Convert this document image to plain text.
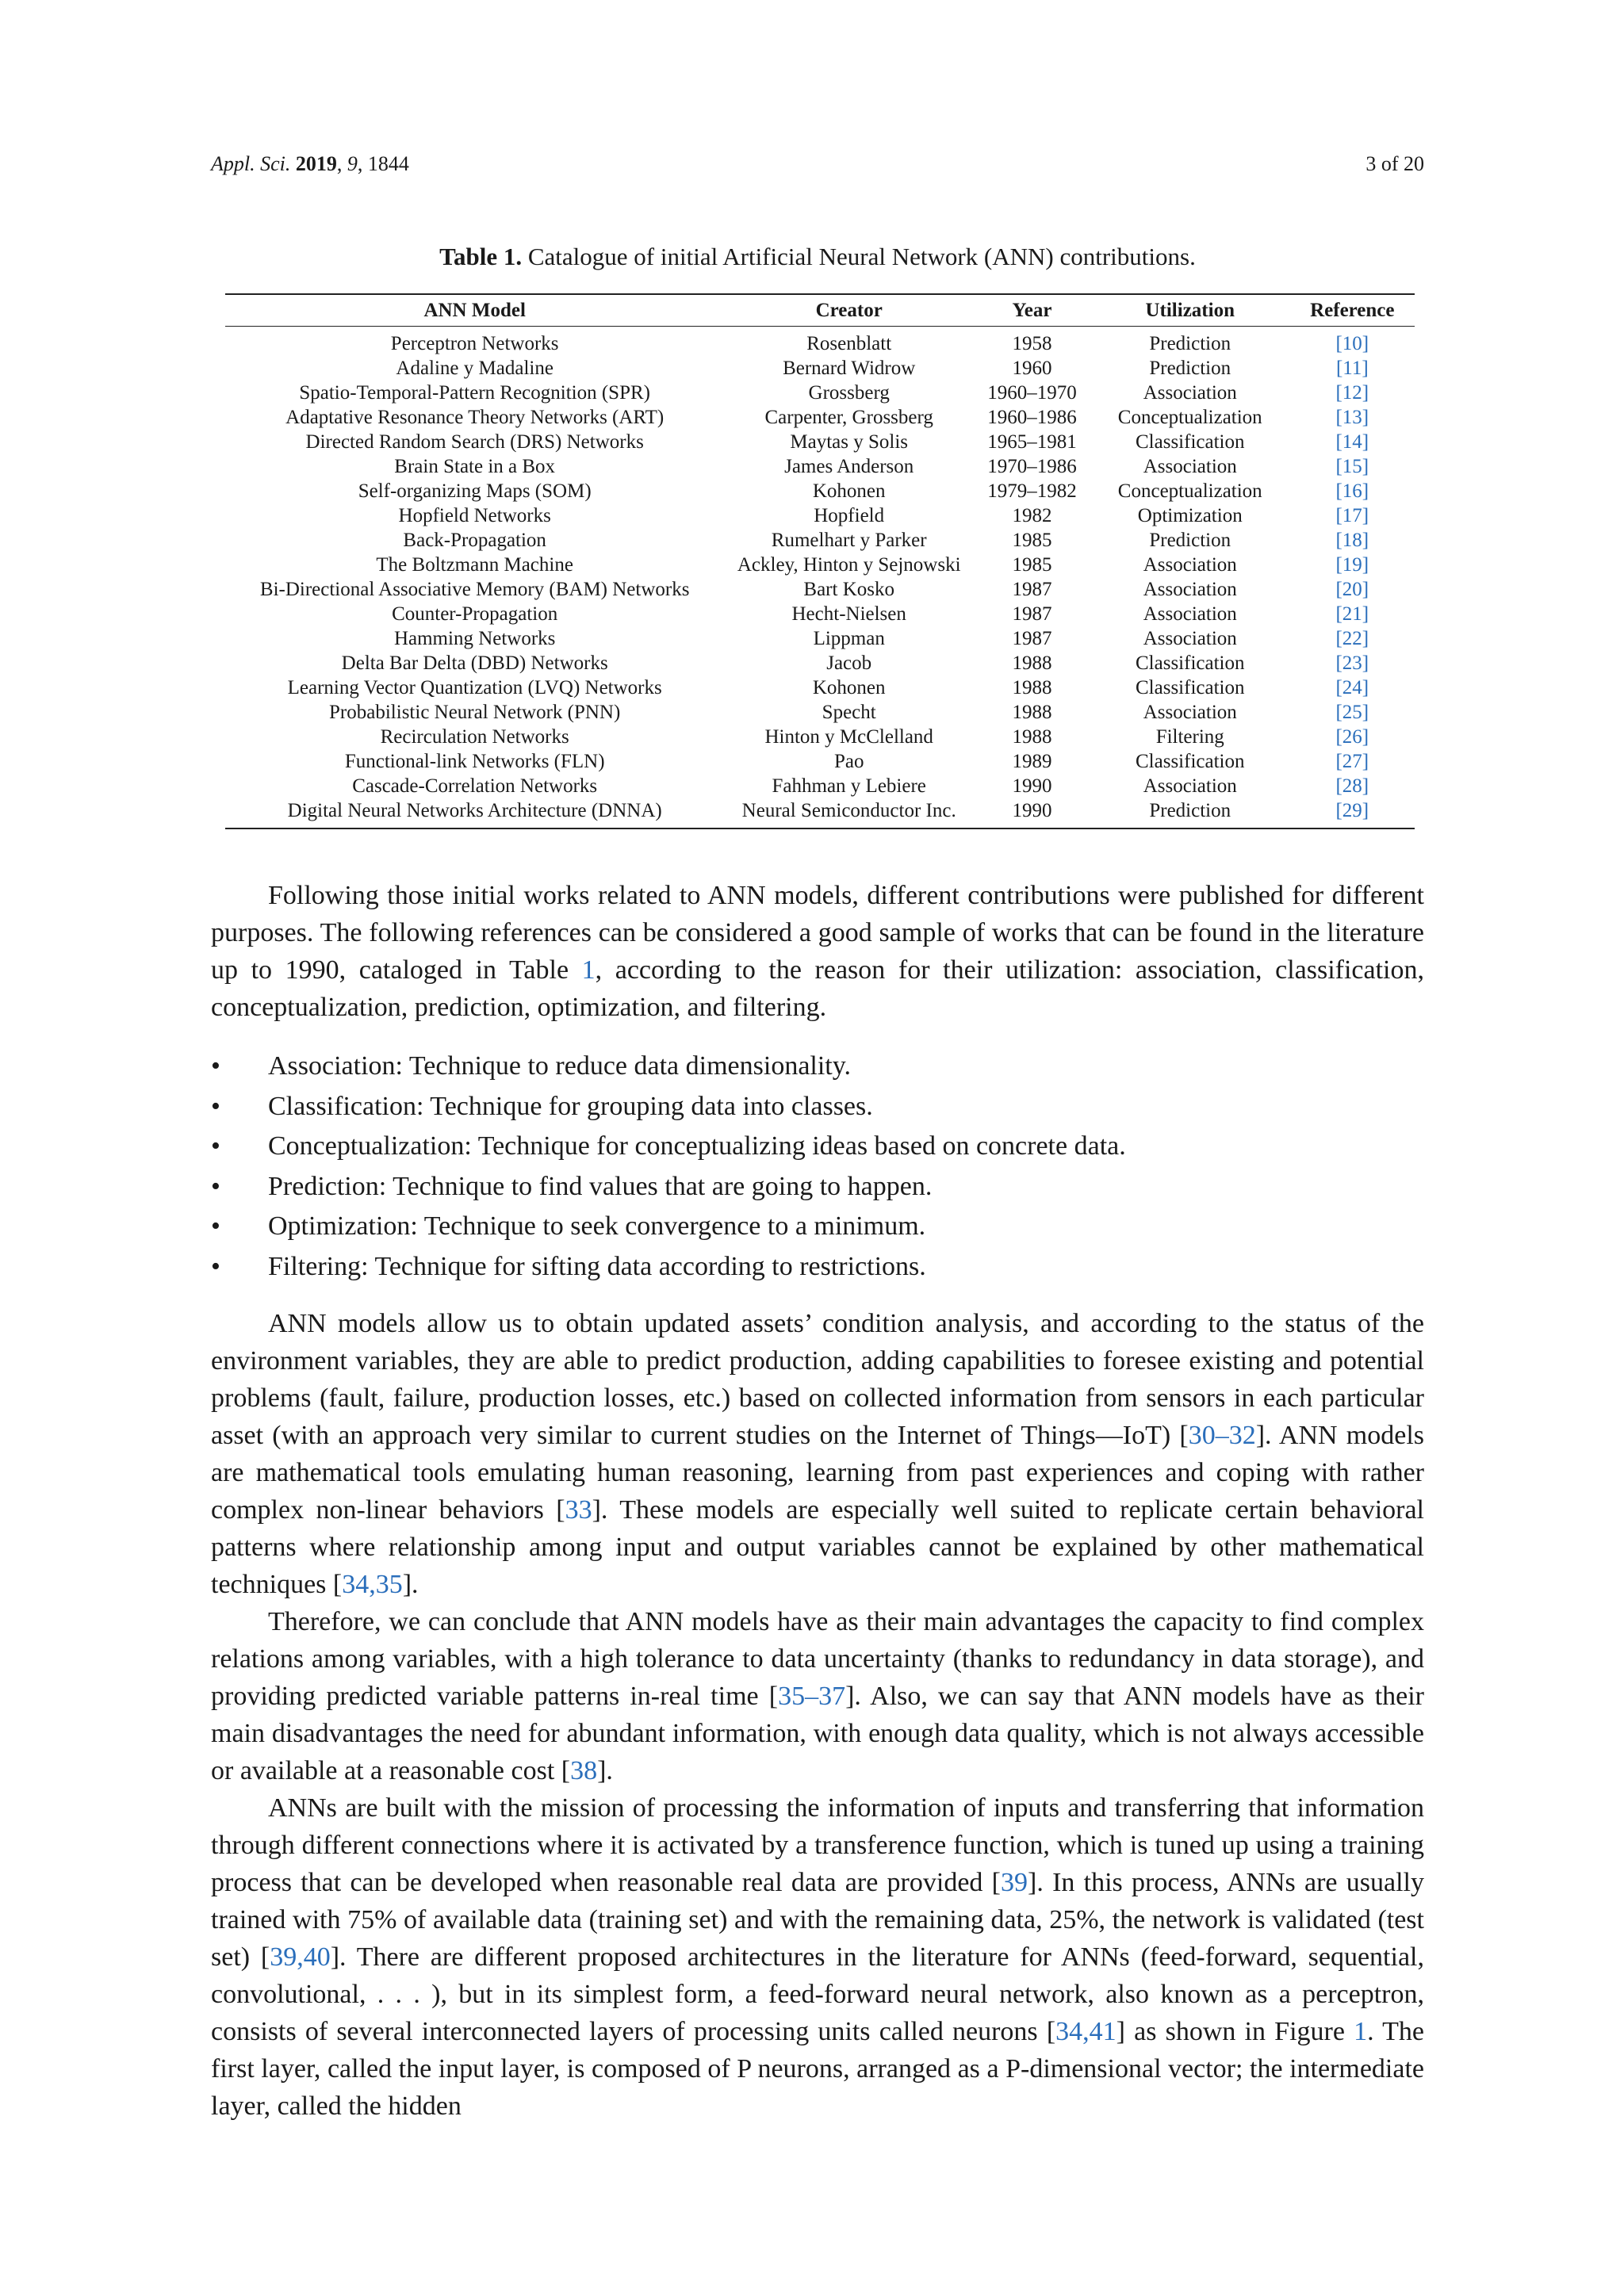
Appl. Sci. 2019, 9, 1844	3 of 20
Table 1. Catalogue of initial Artificial Neural Network (ANN) contributions.
ANN Model	Creator	Year	Utilization	Reference
Perceptron Networks	Rosenblatt	1958	Prediction	[10]
Adaline y Madaline	Bernard Widrow	1960	Prediction	[11]
Spatio-Temporal-Pattern Recognition (SPR)	Grossberg	1960–1970	Association	[12]
Adaptative Resonance Theory Networks (ART)	Carpenter, Grossberg	1960–1986	Conceptualization	[13]
Directed Random Search (DRS) Networks	Maytas y Solis	1965–1981	Classification	[14]
Brain State in a Box	James Anderson	1970–1986	Association	[15]
Self-organizing Maps (SOM)	Kohonen	1979–1982	Conceptualization	[16]
Hopfield Networks	Hopfield	1982	Optimization	[17]
Back-Propagation	Rumelhart y Parker	1985	Prediction	[18]
The Boltzmann Machine	Ackley, Hinton y Sejnowski	1985	Association	[19]
Bi-Directional Associative Memory (BAM) Networks	Bart Kosko	1987	Association	[20]
Counter-Propagation	Hecht-Nielsen	1987	Association	[21]
Hamming Networks	Lippman	1987	Association	[22]
Delta Bar Delta (DBD) Networks	Jacob	1988	Classification	[23]
Learning Vector Quantization (LVQ) Networks	Kohonen	1988	Classification	[24]
Probabilistic Neural Network (PNN)	Specht	1988	Association	[25]
Recirculation Networks	Hinton y McClelland	1988	Filtering	[26]
Functional-link Networks (FLN)	Pao	1989	Classification	[27]
Cascade-Correlation Networks	Fahhman y Lebiere	1990	Association	[28]
Digital Neural Networks Architecture (DNNA)	Neural Semiconductor Inc.	1990	Prediction	[29]

Following those initial works related to ANN models, different contributions were published for different purposes. The following references can be considered a good sample of works that can be found in the literature up to 1990, cataloged in Table 1, according to the reason for their utilization: association, classification, conceptualization, prediction, optimization, and filtering.

• Association: Technique to reduce data dimensionality.
• Classification: Technique for grouping data into classes.
• Conceptualization: Technique for conceptualizing ideas based on concrete data.
• Prediction: Technique to find values that are going to happen.
• Optimization: Technique to seek convergence to a minimum.
• Filtering: Technique for sifting data according to restrictions.

ANN models allow us to obtain updated assets’ condition analysis, and according to the status of the environment variables, they are able to predict production, adding capabilities to foresee existing and potential problems (fault, failure, production losses, etc.) based on collected information from sensors in each particular asset (with an approach very similar to current studies on the Internet of Things—IoT) [30–32]. ANN models are mathematical tools emulating human reasoning, learning from past experiences and coping with rather complex non-linear behaviors [33]. These models are especially well suited to replicate certain behavioral patterns where relationship among input and output variables cannot be explained by other mathematical techniques [34,35].

Therefore, we can conclude that ANN models have as their main advantages the capacity to find complex relations among variables, with a high tolerance to data uncertainty (thanks to redundancy in data storage), and providing predicted variable patterns in-real time [35–37]. Also, we can say that ANN models have as their main disadvantages the need for abundant information, with enough data quality, which is not always accessible or available at a reasonable cost [38].

ANNs are built with the mission of processing the information of inputs and transferring that information through different connections where it is activated by a transference function, which is tuned up using a training process that can be developed when reasonable real data are provided [39]. In this process, ANNs are usually trained with 75% of available data (training set) and with the remaining data, 25%, the network is validated (test set) [39,40]. There are different proposed architectures in the literature for ANNs (feed-forward, sequential, convolutional, . . . ), but in its simplest form, a feed-forward neural network, also known as a perceptron, consists of several interconnected layers of processing units called neurons [34,41] as shown in Figure 1. The first layer, called the input layer, is composed of P neurons, arranged as a P-dimensional vector; the intermediate layer, called the hidden
